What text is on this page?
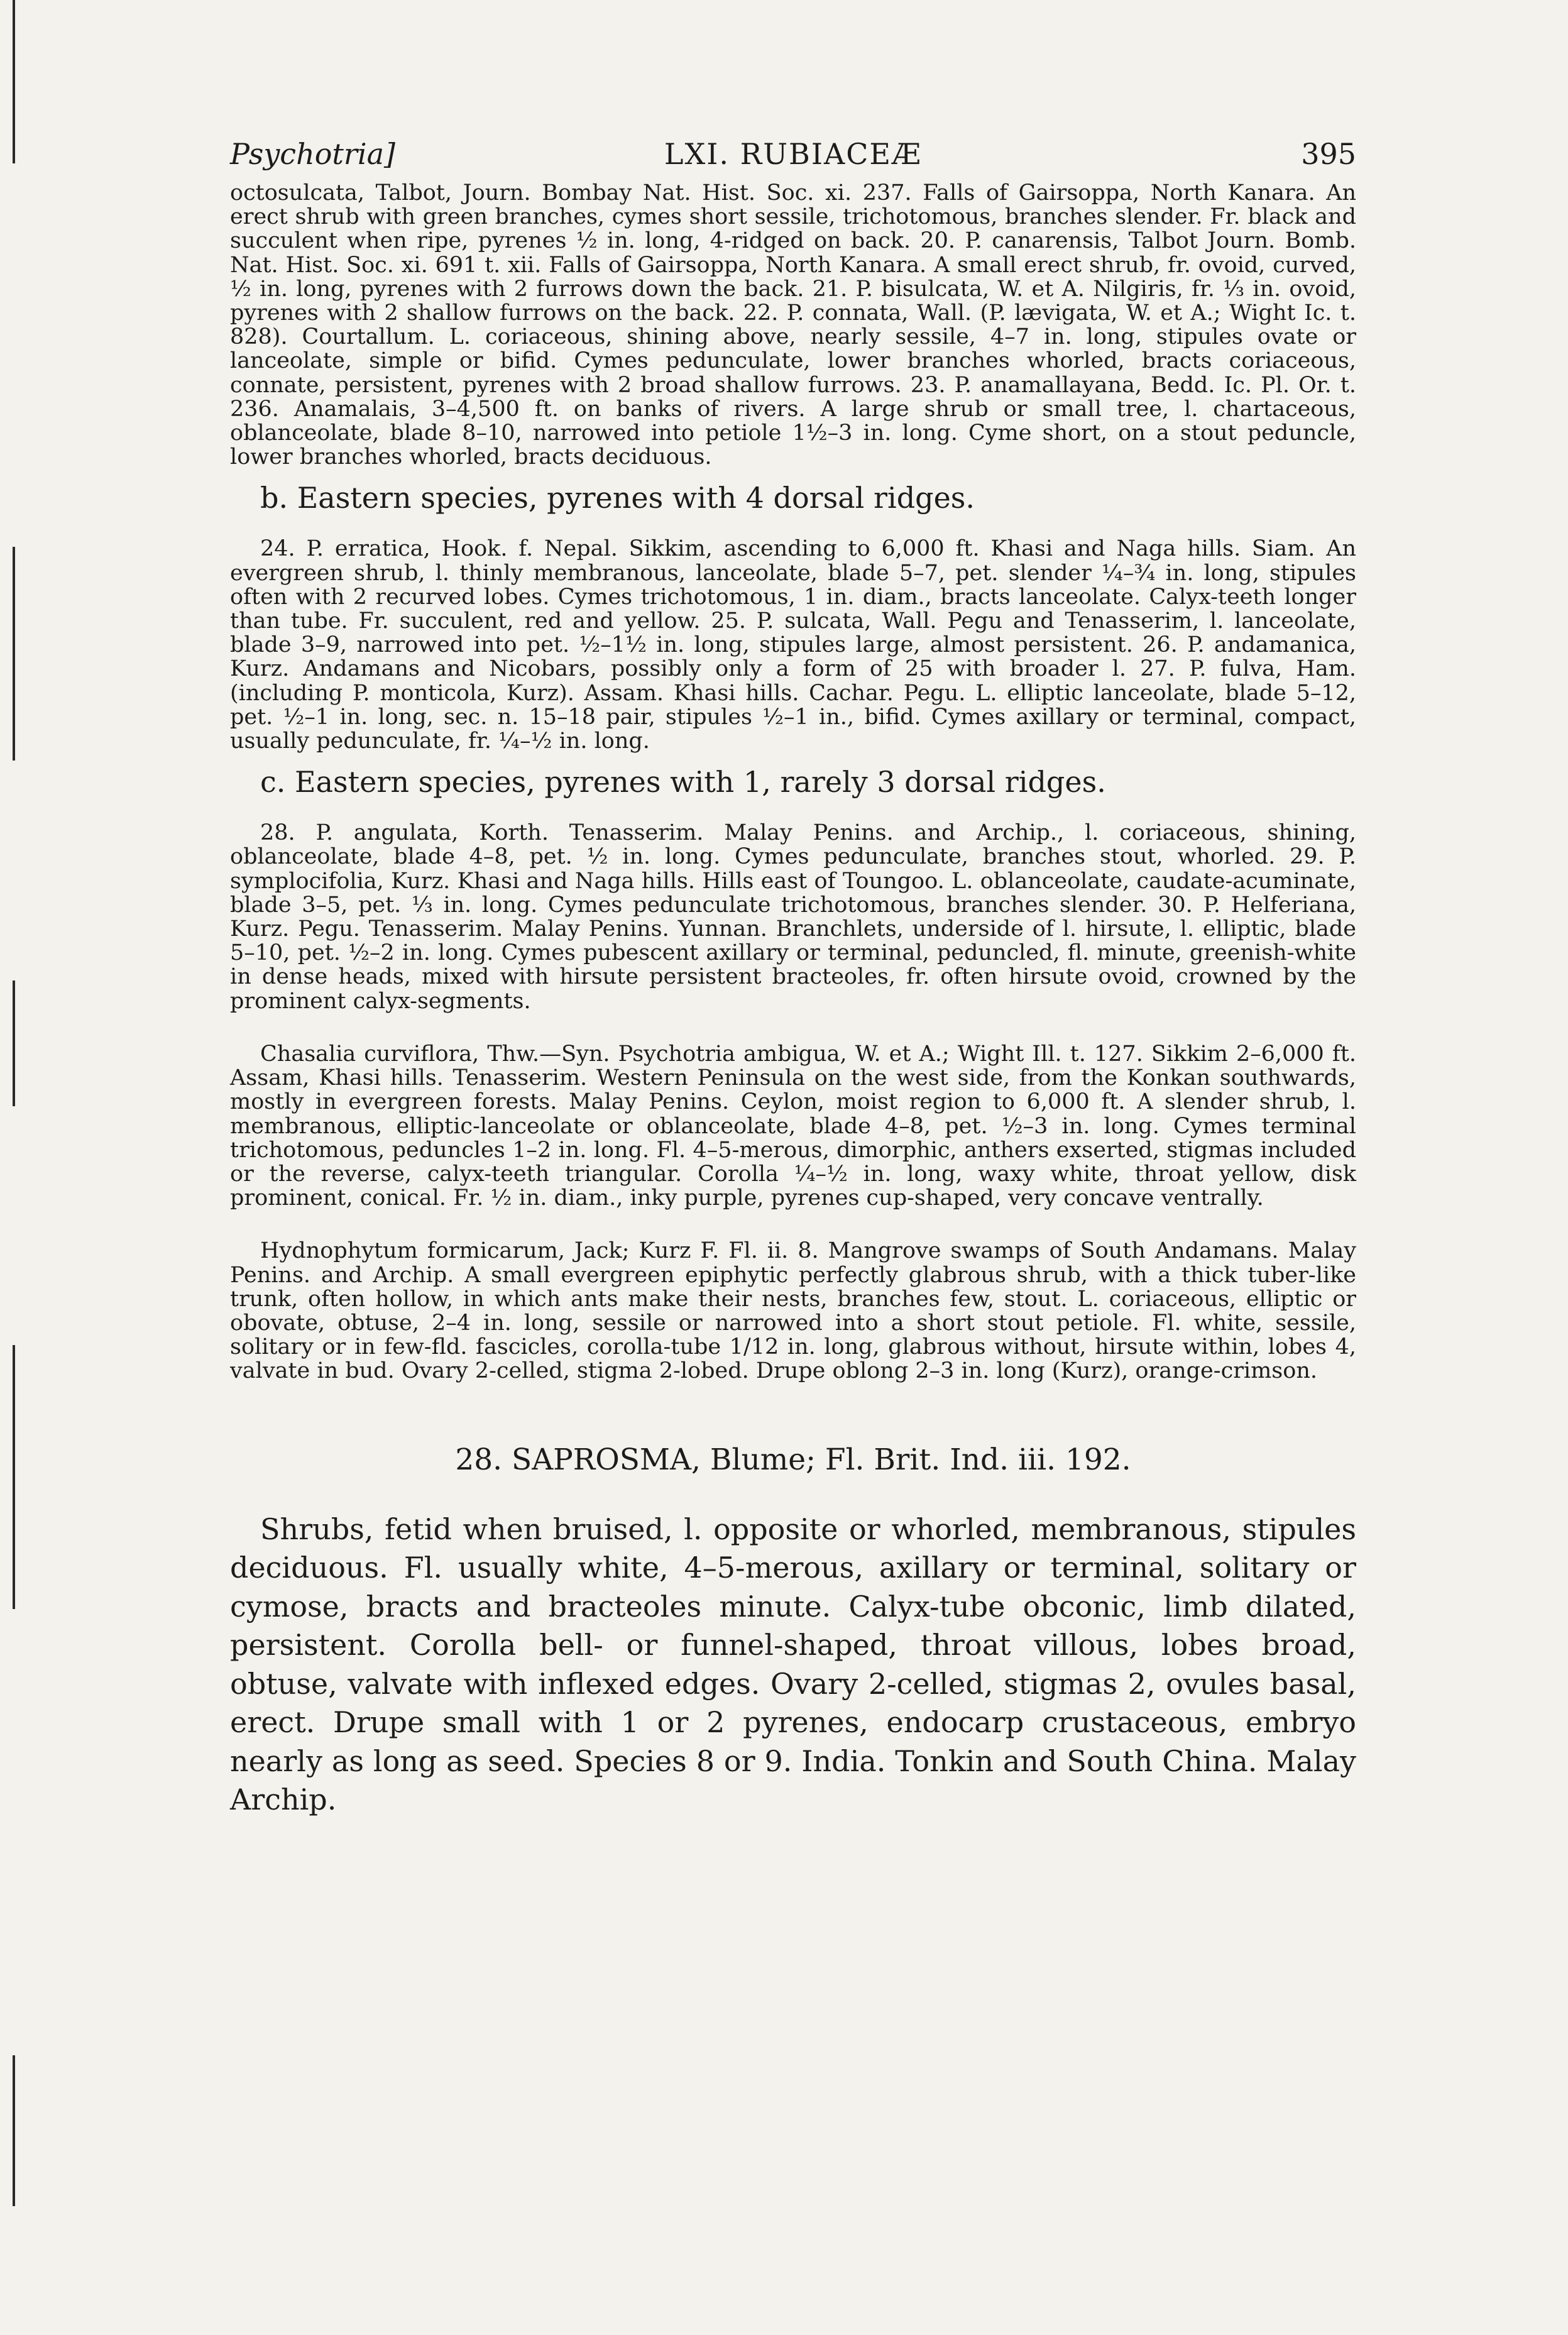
Psychotria]	LXI. RUBIACEÆ	395

octosulcata, Talbot, Journ. Bombay Nat. Hist. Soc. xi. 237. Falls of Gairsoppa, North Kanara. An erect shrub with green branches, cymes short sessile, trichotomous, branches slender. Fr. black and succulent when ripe, pyrenes ½ in. long, 4-ridged on back. 20. P. canarensis, Talbot Journ. Bomb. Nat. Hist. Soc. xi. 691 t. xii. Falls of Gairsoppa, North Kanara. A small erect shrub, fr. ovoid, curved, ½ in. long, pyrenes with 2 furrows down the back. 21. P. bisulcata, W. et A. Nilgiris, fr. ⅓ in. ovoid, pyrenes with 2 shallow furrows on the back. 22. P. connata, Wall. (P. lævigata, W. et A.; Wight Ic. t. 828). Courtallum. L. coriaceous, shining above, nearly sessile, 4–7 in. long, stipules ovate or lanceolate, simple or bifid. Cymes pedunculate, lower branches whorled, bracts coriaceous, connate, persistent, pyrenes with 2 broad shallow furrows. 23. P. anamallayana, Bedd. Ic. Pl. Or. t. 236. Anamalais, 3–4,500 ft. on banks of rivers. A large shrub or small tree, l. chartaceous, oblanceolate, blade 8–10, narrowed into petiole 1½–3 in. long. Cyme short, on a stout peduncle, lower branches whorled, bracts deciduous.

b. Eastern species, pyrenes with 4 dorsal ridges.

24. P. erratica, Hook. f. Nepal. Sikkim, ascending to 6,000 ft. Khasi and Naga hills. Siam. An evergreen shrub, l. thinly membranous, lanceolate, blade 5–7, pet. slender ¼–¾ in. long, stipules often with 2 recurved lobes. Cymes trichotomous, 1 in. diam., bracts lanceolate. Calyx-teeth longer than tube. Fr. succulent, red and yellow. 25. P. sulcata, Wall. Pegu and Tenasserim, l. lanceolate, blade 3–9, narrowed into pet. ½–1½ in. long, stipules large, almost persistent. 26. P. andamanica, Kurz. Andamans and Nicobars, possibly only a form of 25 with broader l. 27. P. fulva, Ham. (including P. monticola, Kurz). Assam. Khasi hills. Cachar. Pegu. L. elliptic lanceolate, blade 5–12, pet. ½–1 in. long, sec. n. 15–18 pair, stipules ½–1 in., bifid. Cymes axillary or terminal, compact, usually pedunculate, fr. ¼–½ in. long.

c. Eastern species, pyrenes with 1, rarely 3 dorsal ridges.

28. P. angulata, Korth. Tenasserim. Malay Penins. and Archip., l. coriaceous, shining, oblanceolate, blade 4–8, pet. ½ in. long. Cymes pedunculate, branches stout, whorled. 29. P. symplocifolia, Kurz. Khasi and Naga hills. Hills east of Toungoo. L. oblanceolate, caudate-acuminate, blade 3–5, pet. ⅓ in. long. Cymes pedunculate trichotomous, branches slender. 30. P. Helferiana, Kurz. Pegu. Tenasserim. Malay Penins. Yunnan. Branchlets, underside of l. hirsute, l. elliptic, blade 5–10, pet. ½–2 in. long. Cymes pubescent axillary or terminal, peduncled, fl. minute, greenish-white in dense heads, mixed with hirsute persistent bracteoles, fr. often hirsute ovoid, crowned by the prominent calyx-segments.

Chasalia curviflora, Thw.—Syn. Psychotria ambigua, W. et A.; Wight Ill. t. 127. Sikkim 2–6,000 ft. Assam, Khasi hills. Tenasserim. Western Peninsula on the west side, from the Konkan southwards, mostly in evergreen forests. Malay Penins. Ceylon, moist region to 6,000 ft. A slender shrub, l. membranous, elliptic-lanceolate or oblanceolate, blade 4–8, pet. ½–3 in. long. Cymes terminal trichotomous, peduncles 1–2 in. long. Fl. 4–5-merous, dimorphic, anthers exserted, stigmas included or the reverse, calyx-teeth triangular. Corolla ¼–½ in. long, waxy white, throat yellow, disk prominent, conical. Fr. ½ in. diam., inky purple, pyrenes cup-shaped, very concave ventrally.

Hydnophytum formicarum, Jack; Kurz F. Fl. ii. 8. Mangrove swamps of South Andamans. Malay Penins. and Archip. A small evergreen epiphytic perfectly glabrous shrub, with a thick tuber-like trunk, often hollow, in which ants make their nests, branches few, stout. L. coriaceous, elliptic or obovate, obtuse, 2–4 in. long, sessile or narrowed into a short stout petiole. Fl. white, sessile, solitary or in few-fld. fascicles, corolla-tube 1/12 in. long, glabrous without, hirsute within, lobes 4, valvate in bud. Ovary 2-celled, stigma 2-lobed. Drupe oblong 2–3 in. long (Kurz), orange-crimson.

28. SAPROSMA, Blume; Fl. Brit. Ind. iii. 192.

Shrubs, fetid when bruised, l. opposite or whorled, membranous, stipules deciduous. Fl. usually white, 4–5-merous, axillary or terminal, solitary or cymose, bracts and bracteoles minute. Calyx-tube obconic, limb dilated, persistent. Corolla bell- or funnel-shaped, throat villous, lobes broad, obtuse, valvate with inflexed edges. Ovary 2-celled, stigmas 2, ovules basal, erect. Drupe small with 1 or 2 pyrenes, endocarp crustaceous, embryo nearly as long as seed. Species 8 or 9. India. Tonkin and South China. Malay Archip.
